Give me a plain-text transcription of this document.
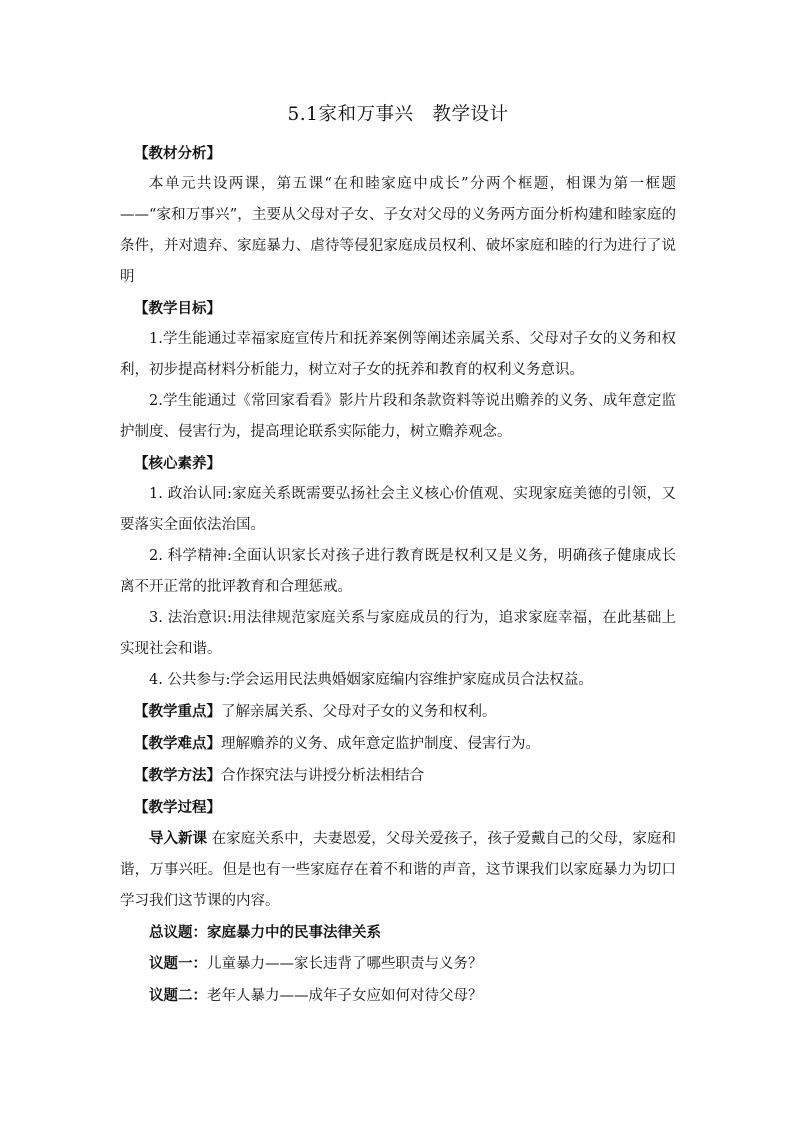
5.1家和万事兴　教学设计

【教材分析】

本单元共设两课，第五课“在和睦家庭中成长”分两个框题，相课为第一框题——“家和万事兴”，主要从父母对子女、子女对父母的义务两方面分析构建和睦家庭的条件，并对遗弃、家庭暴力、虐待等侵犯家庭成员权利、破坏家庭和睦的行为进行了说明

【教学目标】

1.学生能通过幸福家庭宣传片和抚养案例等阐述亲属关系、父母对子女的义务和权利，初步提高材料分析能力，树立对子女的抚养和教育的权利义务意识。

2.学生能通过《常回家看看》影片片段和条款资料等说出赡养的义务、成年意定监护制度、侵害行为，提高理论联系实际能力，树立赡养观念。

【核心素养】

1. 政治认同:家庭关系既需要弘扬社会主义核心价值观、实现家庭美德的引领，又要落实全面依法治国。

2. 科学精神:全面认识家长对孩子进行教育既是权利又是义务，明确孩子健康成长离不开正常的批评教育和合理惩戒。

3. 法治意识:用法律规范家庭关系与家庭成员的行为，追求家庭幸福，在此基础上实现社会和谐。

4. 公共参与:学会运用民法典婚姻家庭编内容维护家庭成员合法权益。

【教学重点】了解亲属关系、父母对子女的义务和权利。

【教学难点】理解赡养的义务、成年意定监护制度、侵害行为。

【教学方法】合作探究法与讲授分析法相结合

【教学过程】

导入新课 在家庭关系中，夫妻恩爱，父母关爱孩子，孩子爱戴自己的父母，家庭和谐，万事兴旺。但是也有一些家庭存在着不和谐的声音，这节课我们以家庭暴力为切口学习我们这节课的内容。

总议题：家庭暴力中的民事法律关系

议题一：儿童暴力——家长违背了哪些职责与义务？

议题二：老年人暴力——成年子女应如何对待父母？
